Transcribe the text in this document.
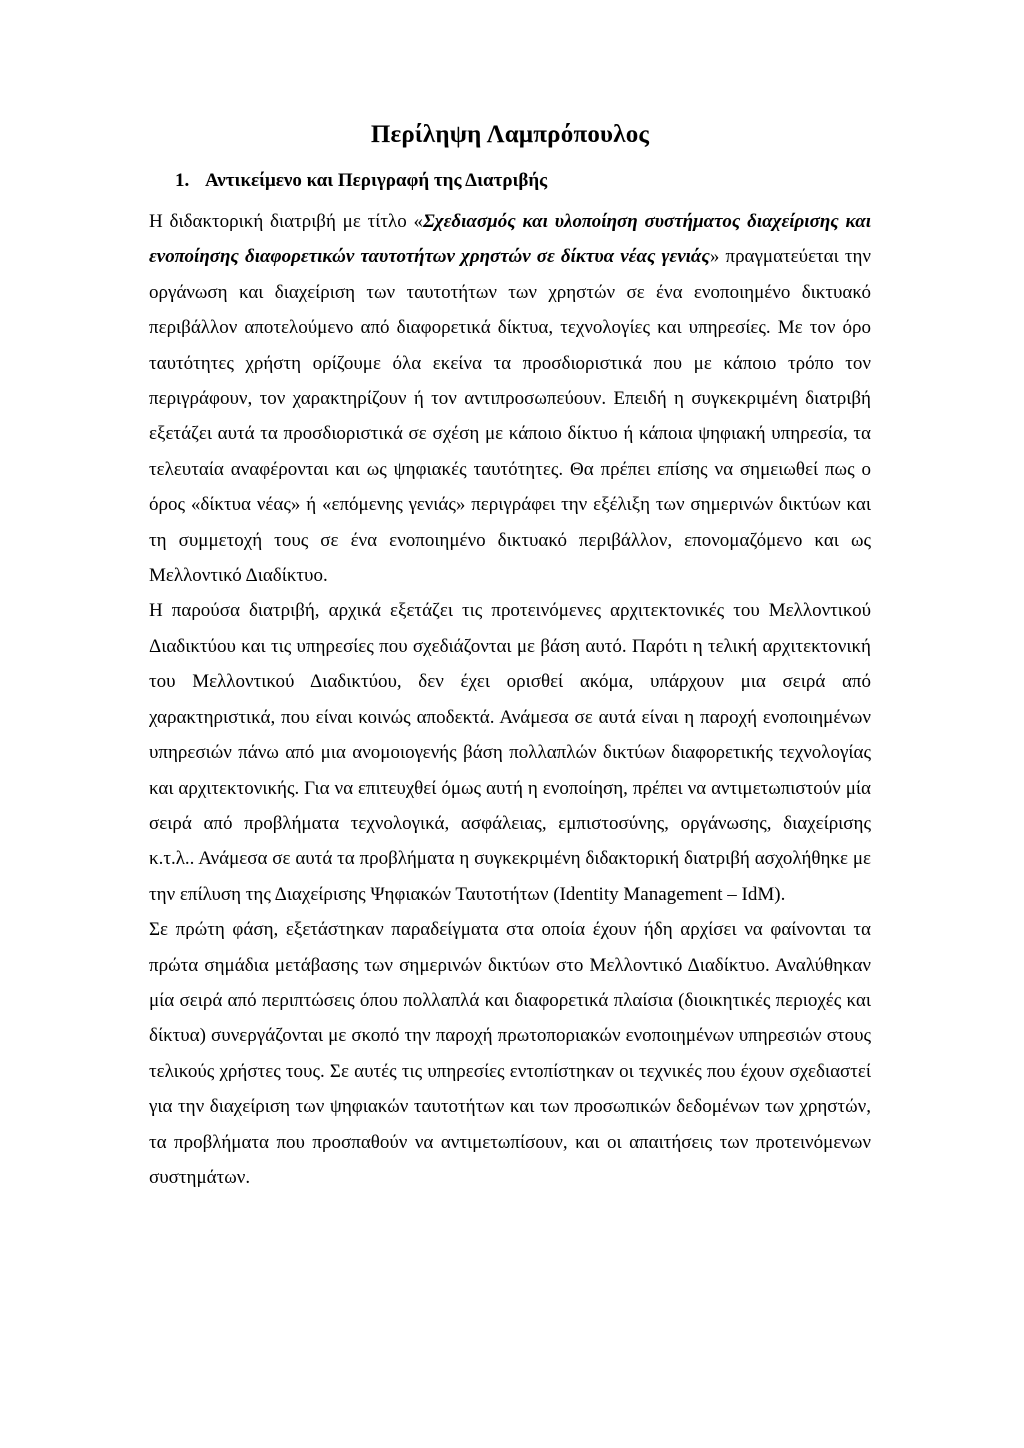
Περίληψη Λαμπρόπουλος
1. Αντικείμενο και Περιγραφή της Διατριβής

Η διδακτορική διατριβή με τίτλο «Σχεδιασμός και υλοποίηση συστήματος διαχείρισης και ενοποίησης διαφορετικών ταυτοτήτων χρηστών σε δίκτυα νέας γενιάς» πραγματεύεται την οργάνωση και διαχείριση των ταυτοτήτων των χρηστών σε ένα ενοποιημένο δικτυακό περιβάλλον αποτελούμενο από διαφορετικά δίκτυα, τεχνολογίες και υπηρεσίες. Με τον όρο ταυτότητες χρήστη ορίζουμε όλα εκείνα τα προσδιοριστικά που με κάποιο τρόπο τον περιγράφουν, τον χαρακτηρίζουν ή τον αντιπροσωπεύουν. Επειδή η συγκεκριμένη διατριβή εξετάζει αυτά τα προσδιοριστικά σε σχέση με κάποιο δίκτυο ή κάποια ψηφιακή υπηρεσία, τα τελευταία αναφέρονται και ως ψηφιακές ταυτότητες. Θα πρέπει επίσης να σημειωθεί πως ο όρος «δίκτυα νέας» ή «επόμενης γενιάς» περιγράφει την εξέλιξη των σημερινών δικτύων και τη συμμετοχή τους σε ένα ενοποιημένο δικτυακό περιβάλλον, επονομαζόμενο και ως Μελλοντικό Διαδίκτυο.

Η παρούσα διατριβή, αρχικά εξετάζει τις προτεινόμενες αρχιτεκτονικές του Μελλοντικού Διαδικτύου και τις υπηρεσίες που σχεδιάζονται με βάση αυτό. Παρότι η τελική αρχιτεκτονική του Μελλοντικού Διαδικτύου, δεν έχει ορισθεί ακόμα, υπάρχουν μια σειρά από χαρακτηριστικά, που είναι κοινώς αποδεκτά. Ανάμεσα σε αυτά είναι η παροχή ενοποιημένων υπηρεσιών πάνω από μια ανομοιογενής βάση πολλαπλών δικτύων διαφορετικής τεχνολογίας και αρχιτεκτονικής. Για να επιτευχθεί όμως αυτή η ενοποίηση, πρέπει να αντιμετωπιστούν μία σειρά από προβλήματα τεχνολογικά, ασφάλειας, εμπιστοσύνης, οργάνωσης, διαχείρισης κ.τ.λ.. Ανάμεσα σε αυτά τα προβλήματα η συγκεκριμένη διδακτορική διατριβή ασχολήθηκε με την επίλυση της Διαχείρισης Ψηφιακών Ταυτοτήτων (Identity Management – IdM).

Σε πρώτη φάση, εξετάστηκαν παραδείγματα στα οποία έχουν ήδη αρχίσει να φαίνονται τα πρώτα σημάδια μετάβασης των σημερινών δικτύων στο Μελλοντικό Διαδίκτυο. Αναλύθηκαν μία σειρά από περιπτώσεις όπου πολλαπλά και διαφορετικά πλαίσια (διοικητικές περιοχές και δίκτυα) συνεργάζονται με σκοπό την παροχή πρωτοποριακών ενοποιημένων υπηρεσιών στους τελικούς χρήστες τους. Σε αυτές τις υπηρεσίες εντοπίστηκαν οι τεχνικές που έχουν σχεδιαστεί για την διαχείριση των ψηφιακών ταυτοτήτων και των προσωπικών δεδομένων των χρηστών, τα προβλήματα που προσπαθούν να αντιμετωπίσουν, και οι απαιτήσεις των προτεινόμενων συστημάτων.
